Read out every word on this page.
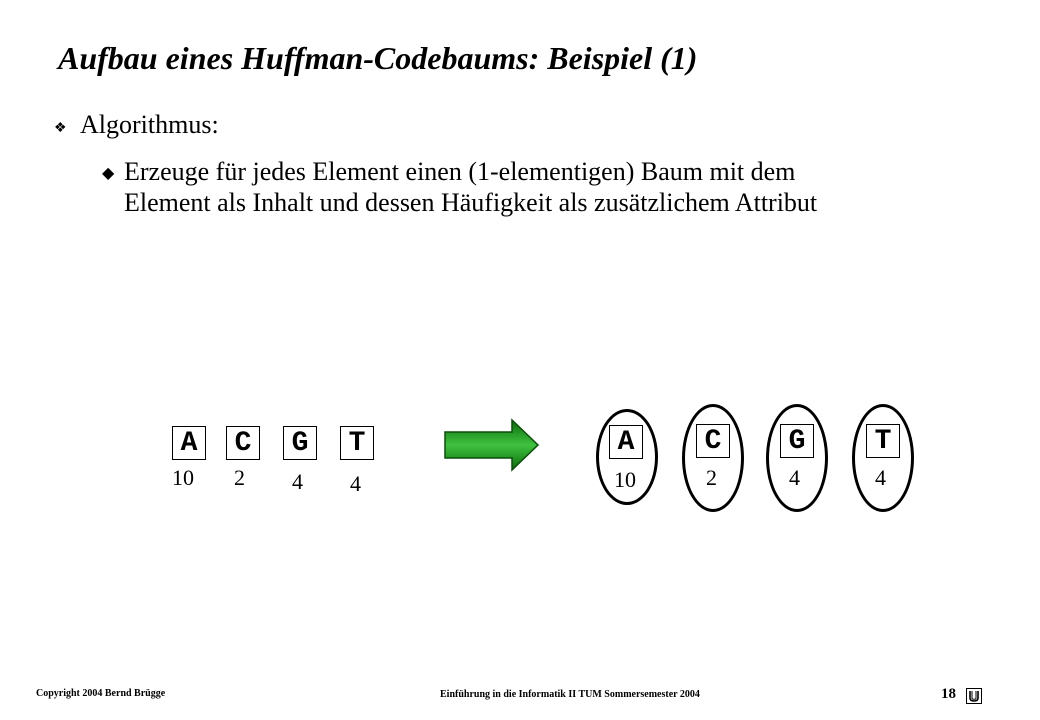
Aufbau eines Huffman-Codebaums: Beispiel (1)
❖ Algorithmus:
◆ Erzeuge für jedes Element einen (1-elementigen) Baum mit dem
Element als Inhalt und dessen Häufigkeit als zusätzlichem Attribut
A
10
C
2
G
4
T
4
A
10
C
2
G
4
T
4
Copyright 2004 Bernd Brügge	Einführung in die Informatik II TUM Sommersemester 2004	18
